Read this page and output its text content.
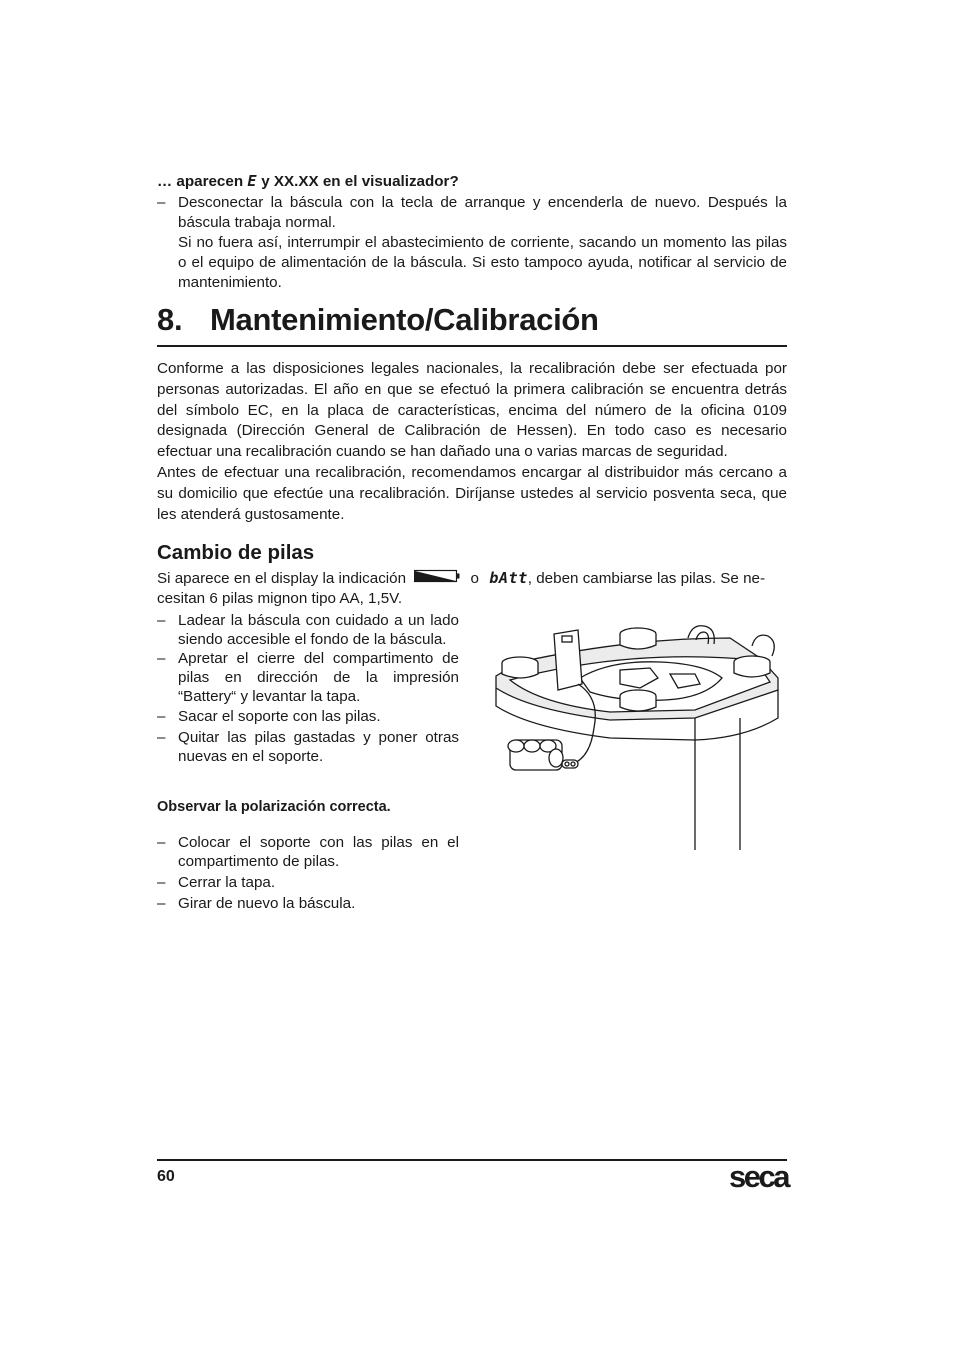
… aparecen E y XX.XX en el visualizador?
– Desconectar la báscula con la tecla de arranque y encenderla de nuevo. Después la báscula trabaja normal.
Si no fuera así, interrumpir el abastecimiento de corriente, sacando un momento las pilas o el equipo de alimentación de la báscula. Si esto tampoco ayuda, notificar al servicio de mantenimiento.
8. Mantenimiento/Calibración
Conforme a las disposiciones legales nacionales, la recalibración debe ser efectuada por personas autorizadas. El año en que se efectuó la primera calibración se encuentra detrás del símbolo EC, en la placa de características, encima del número de la oficina 0109 designada (Dirección General de Calibración de Hessen). En todo caso es necesario efectuar una recalibración cuando se han dañado una o varias marcas de seguridad.
Antes de efectuar una recalibración, recomendamos encargar al distribuidor más cercano a su domicilio que efectúe una recalibración. Diríjanse ustedes al servicio posventa seca, que les atenderá gustosamente.
Cambio de pilas
Si aparece en el display la indicación	o bAtt, deben cambiarse las pilas. Se ne-
cesitan 6 pilas mignon tipo AA, 1,5V.
– Ladear la báscula con cuidado a un lado siendo accesible el fondo de la báscula.
– Apretar el cierre del compartimento de pilas en dirección de la impresión “Battery“ y levantar la tapa.
– Sacar el soporte con las pilas.
– Quitar las pilas gastadas y poner otras nuevas en el soporte.
Observar la polarización correcta.
– Colocar el soporte con las pilas en el compartimento de pilas.
– Cerrar la tapa.
– Girar de nuevo la báscula.
60	seca
